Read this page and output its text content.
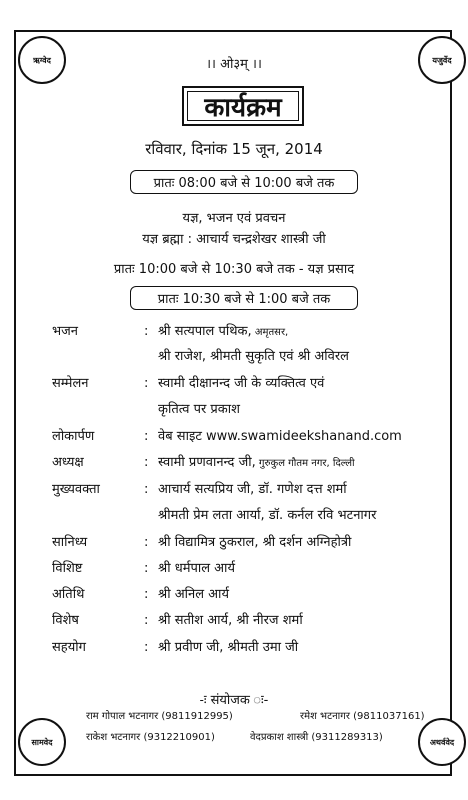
ऋग्वेद	यजुर्वेद
सामवेद	अथर्ववेद
।। ओ३म् ।।
कार्यक्रम
रविवार, दिनांक 15 जून, 2014
प्रातः 08:00 बजे से 10:00 बजे तक
यज्ञ, भजन एवं प्रवचन
यज्ञ ब्रह्मा : आचार्य चन्द्रशेखर शास्त्री जी
प्रातः 10:00 बजे से 10:30 बजे तक - यज्ञ प्रसाद
प्रातः 10:30 बजे से 1:00 बजे तक
भजन	: श्री सत्यपाल पथिक, अमृतसर,
श्री राजेश, श्रीमती सुकृति एवं श्री अविरल
सम्मेलन	: स्वामी दीक्षानन्द जी के व्यक्तित्व एवं
कृतित्व पर प्रकाश
लोकार्पण	: वेब साइट www.swamideekshanand.com
अध्यक्ष	: स्वामी प्रणवानन्द जी, गुरुकुल गौतम नगर, दिल्ली
मुख्यवक्ता	: आचार्य सत्यप्रिय जी, डॉ. गणेश दत्त शर्मा
श्रीमती प्रेम लता आर्या, डॉ. कर्नल रवि भटनागर
सानिध्य	: श्री विद्यामित्र ठुकराल, श्री दर्शन अग्निहोत्री
विशिष्ट	: श्री धर्मपाल आर्य
अतिथि	: श्री अनिल आर्य
विशेष	: श्री सतीश आर्य, श्री नीरज शर्मा
सहयोग	: श्री प्रवीण जी, श्रीमती उमा जी
-ः संयोजक ः-
राम गोपाल भटनागर (9811912995)	रमेश भटनागर (9811037161)
राकेश भटनागर (9312210901)	वेदप्रकाश शास्त्री (9311289313)
